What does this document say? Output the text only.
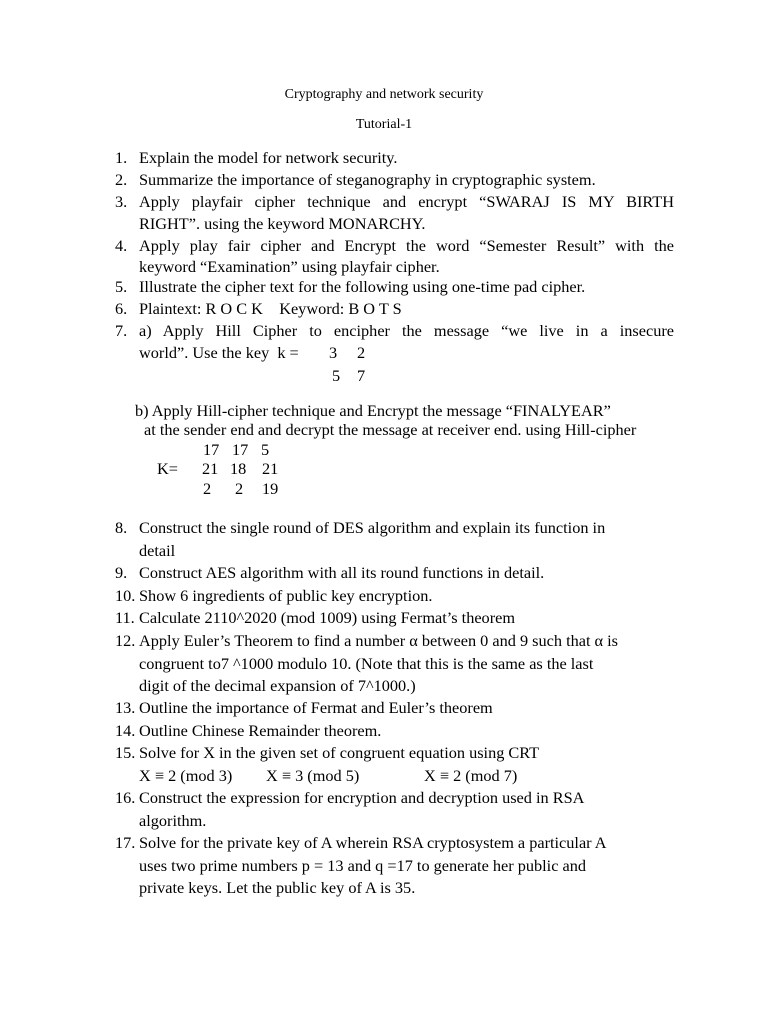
Cryptography and network security
Tutorial-1
1. Explain the model for network security.
2. Summarize the importance of steganography in cryptographic system.
3. Apply playfair cipher technique and encrypt “SWARAJ IS MY BIRTH
RIGHT”. using the keyword MONARCHY.
4. Apply play fair cipher and Encrypt the word “Semester Result” with the
keyword “Examination” using playfair cipher.
5. Illustrate the cipher text for the following using one-time pad cipher.
6. Plaintext: R O C K    Keyword: B O T S
7. a) Apply Hill Cipher to encipher the message “we live in a insecure
world”. Use the key  k = 3 2
5 7
b) Apply Hill-cipher technique and Encrypt the message “FINALYEAR”
at the sender end and decrypt the message at receiver end. using Hill-cipher
17 17 5
K= 21 18 21
2 2 19
8. Construct the single round of DES algorithm and explain its function in
detail
9. Construct AES algorithm with all its round functions in detail.
10. Show 6 ingredients of public key encryption.
11. Calculate 2110^2020 (mod 1009) using Fermat’s theorem
12. Apply Euler’s Theorem to find a number α between 0 and 9 such that α is
congruent to7 ^1000 modulo 10. (Note that this is the same as the last
digit of the decimal expansion of 7^1000.)
13. Outline the importance of Fermat and Euler’s theorem
14. Outline Chinese Remainder theorem.
15. Solve for X in the given set of congruent equation using CRT
X ≡ 2 (mod 3) X ≡ 3 (mod 5)	X ≡ 2 (mod 7)
16. Construct the expression for encryption and decryption used in RSA
algorithm.
17. Solve for the private key of A wherein RSA cryptosystem a particular A
uses two prime numbers p = 13 and q =17 to generate her public and
private keys. Let the public key of A is 35.
